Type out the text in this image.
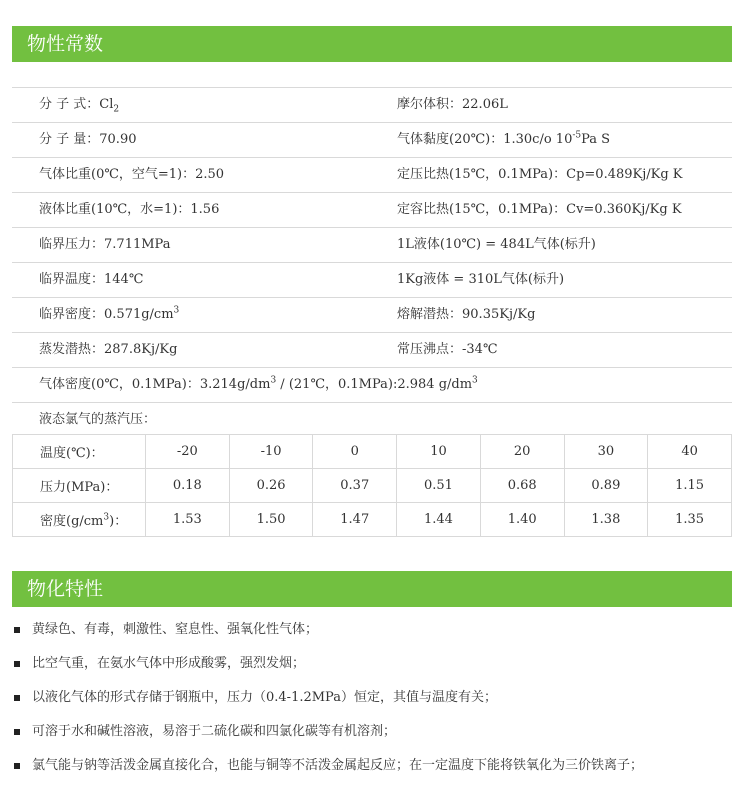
物性常数
分 子 式：$Cl_2$	摩尔体积：22.06L
分 子 量：70.90	气体黏度(20℃)：1.30c/o $10^{-5}Pa$ S
气体比重(0℃，空气=1)：2.50	定压比热(15℃，0.1MPa)：Cp=0.489Kj/Kg K
液体比重(10℃，水=1)：1.56	定容比热(15℃，0.1MPa)：Cv=0.360Kj/Kg K
临界压力：7.711MPa	1L液体(10℃) = 484L气体(标升)
临界温度：144℃	1Kg液体 = 310L气体(标升)
临界密度：$0.571g/cm^3$	熔解潜热：90.35Kj/Kg
蒸发潜热：287.8Kj/Kg	常压沸点：-34℃
气体密度(0℃，0.1MPa)：$3.214g/dm^3$ / (21℃，0.1MPa):2.984 $g/dm^3$
液态氯气的蒸汽压：
温度(℃)：	-20	-10	0	10	20	30	40
压力(MPa)：	0.18	0.26	0.37	0.51	0.68	0.89	1.15
密度$(g/cm^3)$：	1.53	1.50	1.47	1.44	1.40	1.38	1.35
物化特性
黄绿色、有毒，刺激性、窒息性、强氧化性气体；
比空气重，在氨水气体中形成酸雾，强烈发烟；
以液化气体的形式存储于钢瓶中，压力（0.4-1.2MPa）恒定，其值与温度有关；
可溶于水和碱性溶液，易溶于二硫化碳和四氯化碳等有机溶剂；
氯气能与钠等活泼金属直接化合，也能与铜等不活泼金属起反应；在一定温度下能将铁氧化为三价铁离子；
